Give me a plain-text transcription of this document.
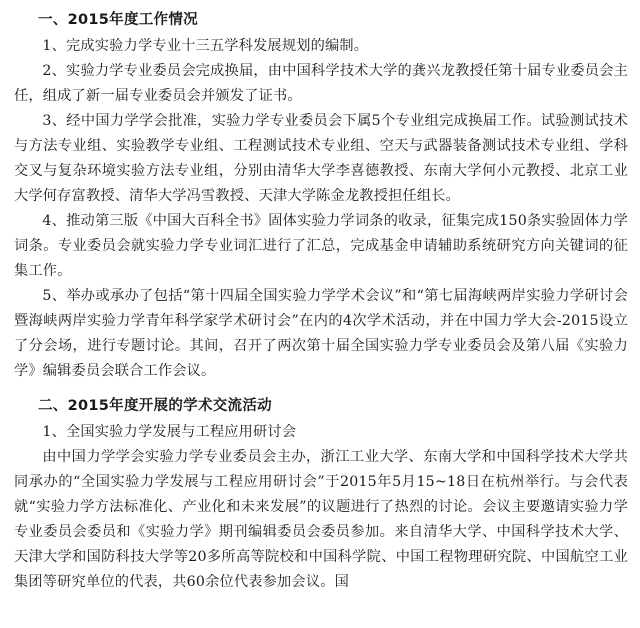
一、2015年度工作情况

1、完成实验力学专业十三五学科发展规划的编制。

2、实验力学专业委员会完成换届，由中国科学技术大学的龚兴龙教授任第十届专业委员会主任，组成了新一届专业委员会并颁发了证书。

3、经中国力学学会批准，实验力学专业委员会下属5个专业组完成换届工作。试验测试技术与方法专业组、实验教学专业组、工程测试技术专业组、空天与武器装备测试技术专业组、学科交叉与复杂环境实验方法专业组，分别由清华大学李喜德教授、东南大学何小元教授、北京工业大学何存富教授、清华大学冯雪教授、天津大学陈金龙教授担任组长。

4、推动第三版《中国大百科全书》固体实验力学词条的收录，征集完成150条实验固体力学词条。专业委员会就实验力学专业词汇进行了汇总，完成基金申请辅助系统研究方向关键词的征集工作。

5、举办或承办了包括“第十四届全国实验力学学术会议”和“第七届海峡两岸实验力学研讨会暨海峡两岸实验力学青年科学家学术研讨会”在内的4次学术活动，并在中国力学大会-2015设立了分会场，进行专题讨论。其间，召开了两次第十届全国实验力学专业委员会及第八届《实验力学》编辑委员会联合工作会议。

二、2015年度开展的学术交流活动

1、全国实验力学发展与工程应用研讨会

由中国力学学会实验力学专业委员会主办，浙江工业大学、东南大学和中国科学技术大学共同承办的“全国实验力学发展与工程应用研讨会”于2015年5月15~18日在杭州举行。与会代表就“实验力学方法标准化、产业化和未来发展”的议题进行了热烈的讨论。会议主要邀请实验力学专业委员会委员和《实验力学》期刊编辑委员会委员参加。来自清华大学、中国科学技术大学、天津大学和国防科技大学等20多所高等院校和中国科学院、中国工程物理研究院、中国航空工业集团等研究单位的代表，共60余位代表参加会议。国
